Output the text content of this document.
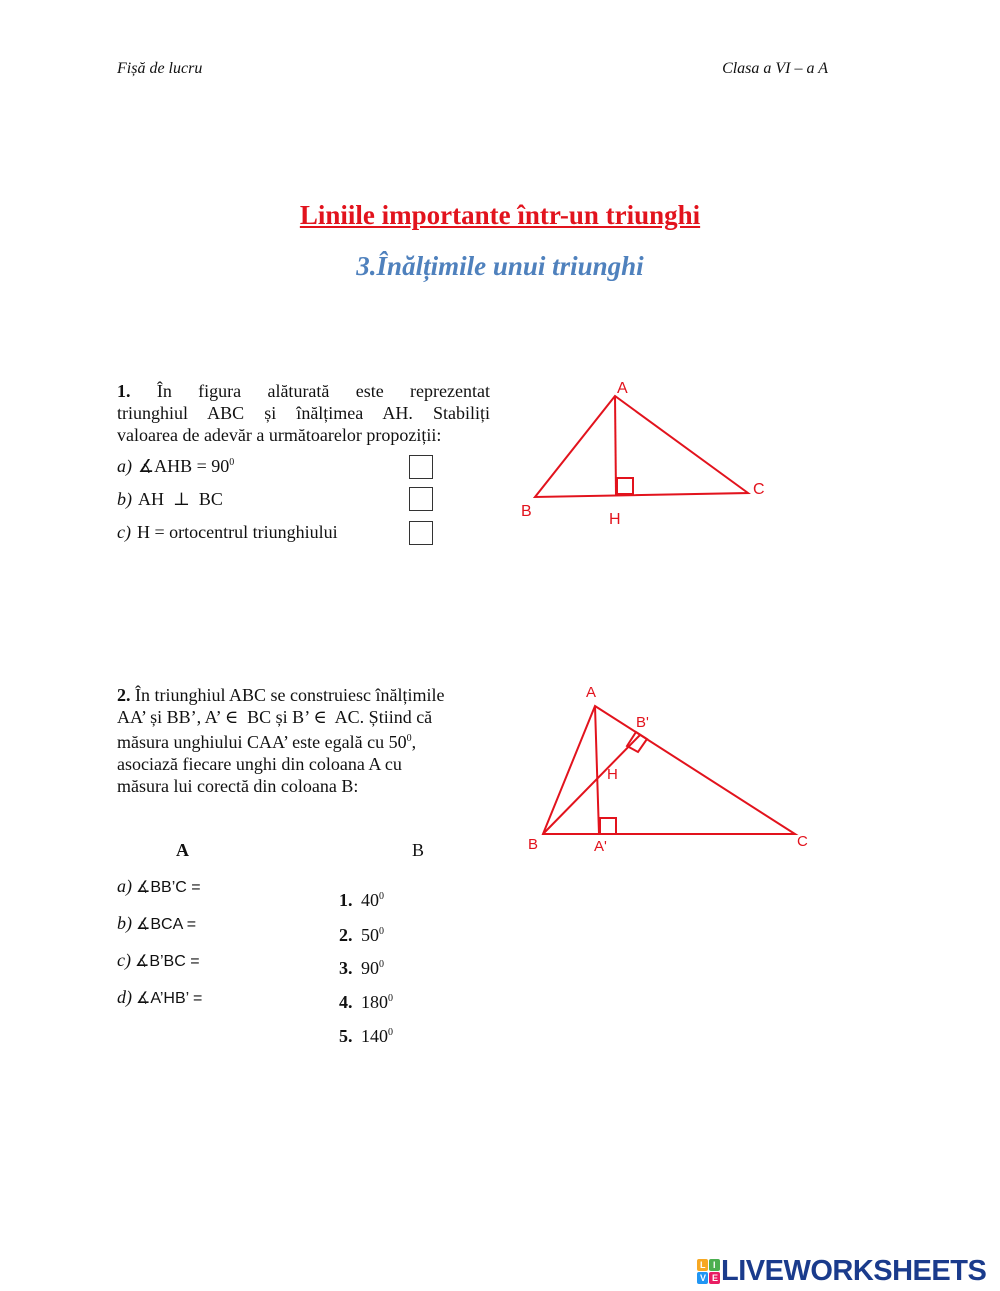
Fișă de lucru	Clasa a VI – a A
Liniile importante într-un triunghi
3.Înălțimile unui triunghi
1. În figura alăturată este reprezentat
triunghiul ABC și înălțimea AH. Stabiliți
valoarea de adevăr a următoarelor propoziții:
a) ∡AHB = $90^0$
b) AH  ⊥  BC
c) H = ortocentrul triunghiului
A
B
C
H
2. În triunghiul ABC se construiesc înălțimile
AA’ și BB’, A’ ∈  BC și B’ ∈  AC. Știind că
măsura unghiului CAA’ este egală cu $50^0$,
asociază fiecare unghi din coloana A cu
măsura lui corectă din coloana B:
A	B
a) ∡BB’C =
b) ∡BCA =
c) ∡B’BC =
d) ∡A’HB’ =
1. $40^0$
2. $50^0$
3. $90^0$
4. $180^0$
5. $140^0$
A
B	C
A'
B'
H
L I
V E LIVEWORKSHEETS
